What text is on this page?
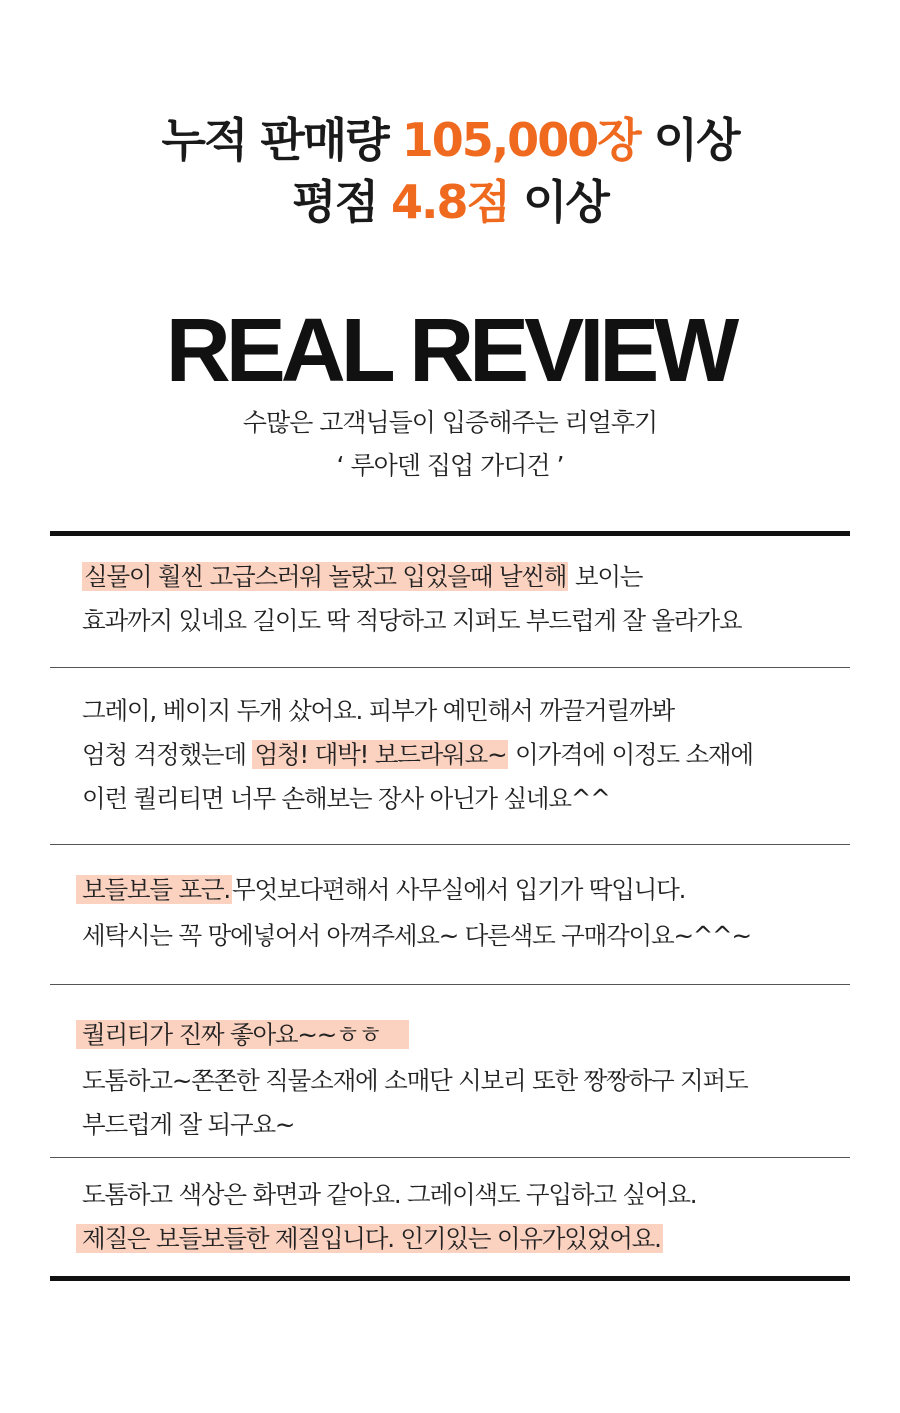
누적 판매량 105,000장 이상
평점 4.8점 이상
REAL REVIEW
수많은 고객님들이 입증해주는 리얼후기
‘ 루아덴 집업 가디건 ’
실물이 훨씬 고급스러워 놀랐고 입었을때 날씬해 보이는
효과까지 있네요 길이도 딱 적당하고 지퍼도 부드럽게 잘 올라가요
그레이, 베이지 두개 샀어요. 피부가 예민해서 까끌거릴까봐
엄청 걱정했는데 엄청! 대박! 보드라워요~ 이가격에 이정도 소재에
이런 퀄리티면 너무 손해보는 장사 아닌가 싶네요^^
보들보들 포근.무엇보다편해서 사무실에서 입기가 딱입니다.
세탁시는 꼭 망에넣어서 아껴주세요~ 다른색도 구매각이요~^^~
퀄리티가 진짜 좋아요~~ㅎㅎ
도톰하고~쫀쫀한 직물소재에 소매단 시보리 또한 짱짱하구 지퍼도
부드럽게 잘 되구요~
도톰하고 색상은 화면과 같아요. 그레이색도 구입하고 싶어요.
제질은 보들보들한 제질입니다. 인기있는 이유가있었어요.
